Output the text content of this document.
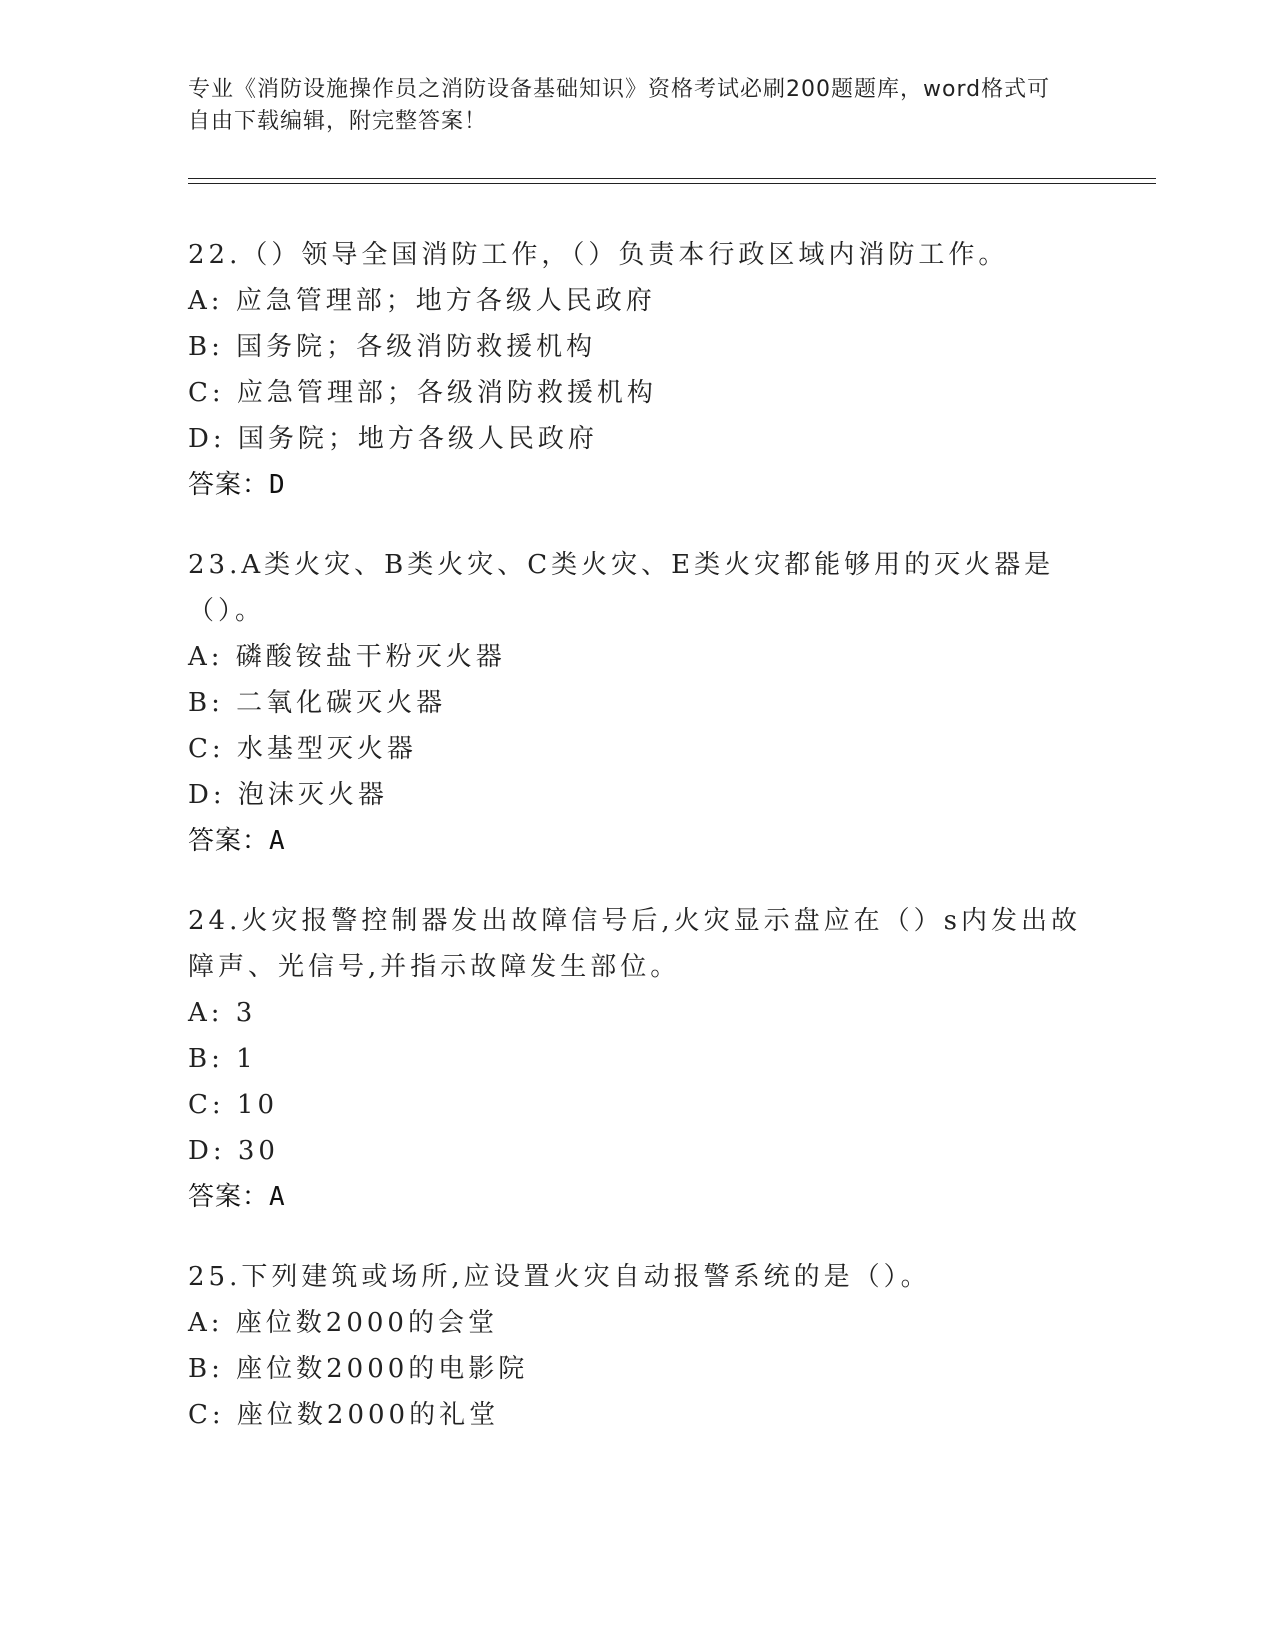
专业《消防设施操作员之消防设备基础知识》资格考试必刷200题题库，word格式可自由下载编辑，附完整答案！
22.（）领导全国消防工作，（）负责本行政区域内消防工作。
A: 应急管理部；地方各级人民政府
B: 国务院；各级消防救援机构
C: 应急管理部；各级消防救援机构
D: 国务院；地方各级人民政府
答案：D
23.A类火灾、B类火灾、C类火灾、E类火灾都能够用的灭火器是（）。
A: 磷酸铵盐干粉灭火器
B: 二氧化碳灭火器
C: 水基型灭火器
D: 泡沫灭火器
答案：A
24.火灾报警控制器发出故障信号后,火灾显示盘应在（）s内发出故障声、光信号,并指示故障发生部位。
A: 3
B: 1
C: 10
D: 30
答案：A
25.下列建筑或场所,应设置火灾自动报警系统的是（）。
A: 座位数2000的会堂
B: 座位数2000的电影院
C: 座位数2000的礼堂
